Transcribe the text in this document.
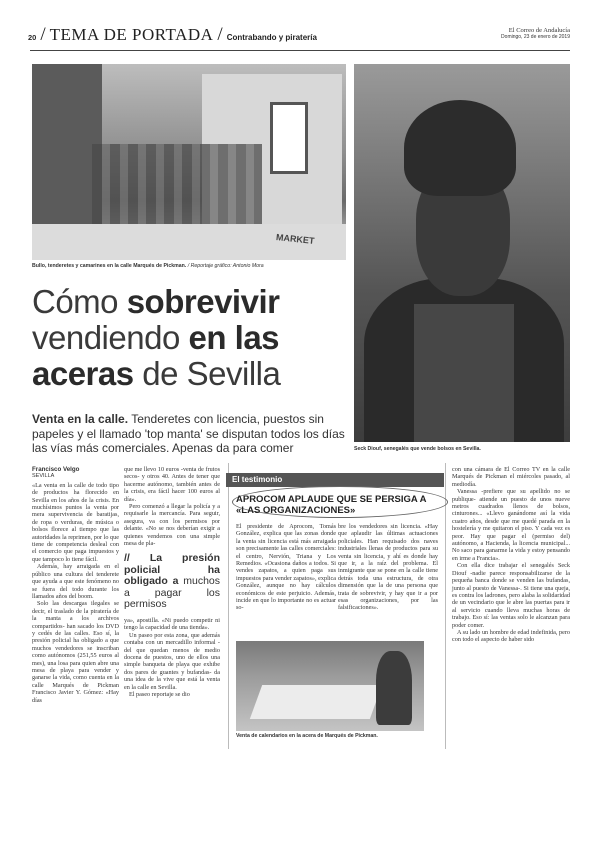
20 / TEMA DE PORTADA / Contrabando y piratería
El Correo de Andalucía
Domingo, 23 de enero de 2019
MARKET
Bullo, tenderetes y camarines en la calle Marqués de Pickman. / Reportaje gráfico: Antonio Mora
Seck Diouf, senegalés que vende bolsos en Sevilla.
Cómo sobrevivir
vendiendo en las
aceras de Sevilla
Venta en la calle. Tenderetes con licencia, puestos sin papeles y el llamado 'top manta' se disputan todos los días las vías más comerciales. Apenas da para comer
Francisco Velgo
SEVILLA

«La venta en la calle de todo tipo de productos ha florecido en Sevilla en los años de la crisis. En muchísimos puntos la venta por mera supervivencia de baratijas, de ropa o verduras, de música o bolsos florece al tiempo que las autoridades la reprimen, por lo que tiene de competencia desleal con el comercio que paga impuestos y que tampoco lo tiene fácil.

Además, hay arraigada en el público una cultura del tenderete que ayuda a que este fenómeno no se fuera del todo durante los llamados años del boom.

Solo las descargas ilegales se decir, el traslado de la piratería de la manta a los archivos compartidos- han sacado los DVD y cedés de las calles. Eso sí, la presión policial ha obligado a que muchos vendedores se inscriban como autónomos (251,55 euros al mes), una losa para quien abre una mesa de playa para vender y ganarse la vida, como cuenta en la calle Marqués de Pickman Francisco Javier Y. Gómez: «Hay días

que me llevo 10 euros -venta de frutos secos- y otros 40. Antes de tener que hacerme autónomo, también antes de la crisis, era fácil hacer 100 euros al día».

Pero comenzó a llegar la policía y a requisarle la mercancía. Para seguir, asegura, va con los permisos por delante. «No se nos deberían exigir a quienes vendemos con una simple mesa de pla-

// La presión policial ha obligado a muchos a pagar los permisos

ya», apostilla. «Ni puedo competir ni tengo la capacidad de una tienda».

Un paseo por esta zona, que además contaba con un mercadillo informal -del que quedan menos de medio docena de puestos, uno de ellos una simple banqueta de playa que exhibe dos pares de guantes y bufandas- da una idea de la vive que está la venta en la calle en Sevilla.

El paseo reportaje se dio

El testimonio
APROCOM APLAUDE QUE SE PERSIGA A «LAS ORGANIZACIONES»

El presidente de Aprocom, Tomás González, explica que las zonas donde la venta sin licencia está más arraigada son precisamente las calles comerciales: el centro, Nervión, Triana y Los Remedios. «Ocasiona daños a todos. Si vendes zapatos, a quien paga sus impuestos para vender zapatos», explica González, aunque no hay cálculos económicos de este perjuicio. Además, incide en que lo importante no es actuar so-

bre los vendedores sin licencia. «Hay que aplaudir las últimas actuaciones policiales. Han requisado dos naves industriales llenas de productos para su venta sin licencia, y ahí es donde hay que ir, a la raíz del problema. El inmigrante que se pone en la calle tiene detrás toda una estructura, de otra dimensión que la de una persona que trata de sobrevivir, y hay que ir a por esas organizaciones, por las falsificaciones».

Venta de calendarios en la acera de Marqués de Pickman.

con una cámara de El Correo TV en la calle Marqués de Pickman el miércoles pasado, al mediodía.

Vanessa -prefiere que su apellido no se publique- atiende un puesto de unos nueve metros cuadrados llenos de bolsos, cinturones... «Llevo ganándome así la vida cuatro años, desde que me quedé parada en la hostelería y me quitaron el piso. Y cada vez es peor. Hay que pagar el (permiso del) autónomo, a Hacienda, la licencia municipal... No saco para ganarme la vida y estoy pensando en irme a Francia».

Con ella dice trabajar el senegalés Seck Diouf -nadie parece responsabilizarse de la pequeña banca donde se venden las bufandas, junto al puesto de Vanessa-. Si tiene una queja, es contra los ladrones, pero alaba la solidaridad de un vecindario que le abre las puertas para ir al servicio cuando lleva muchas horas de trabajo. Eso sí: las ventas solo le alcanzan para poder comer.

A su lado un hombre de edad indefinida, pero con todo el aspecto de haber sido
